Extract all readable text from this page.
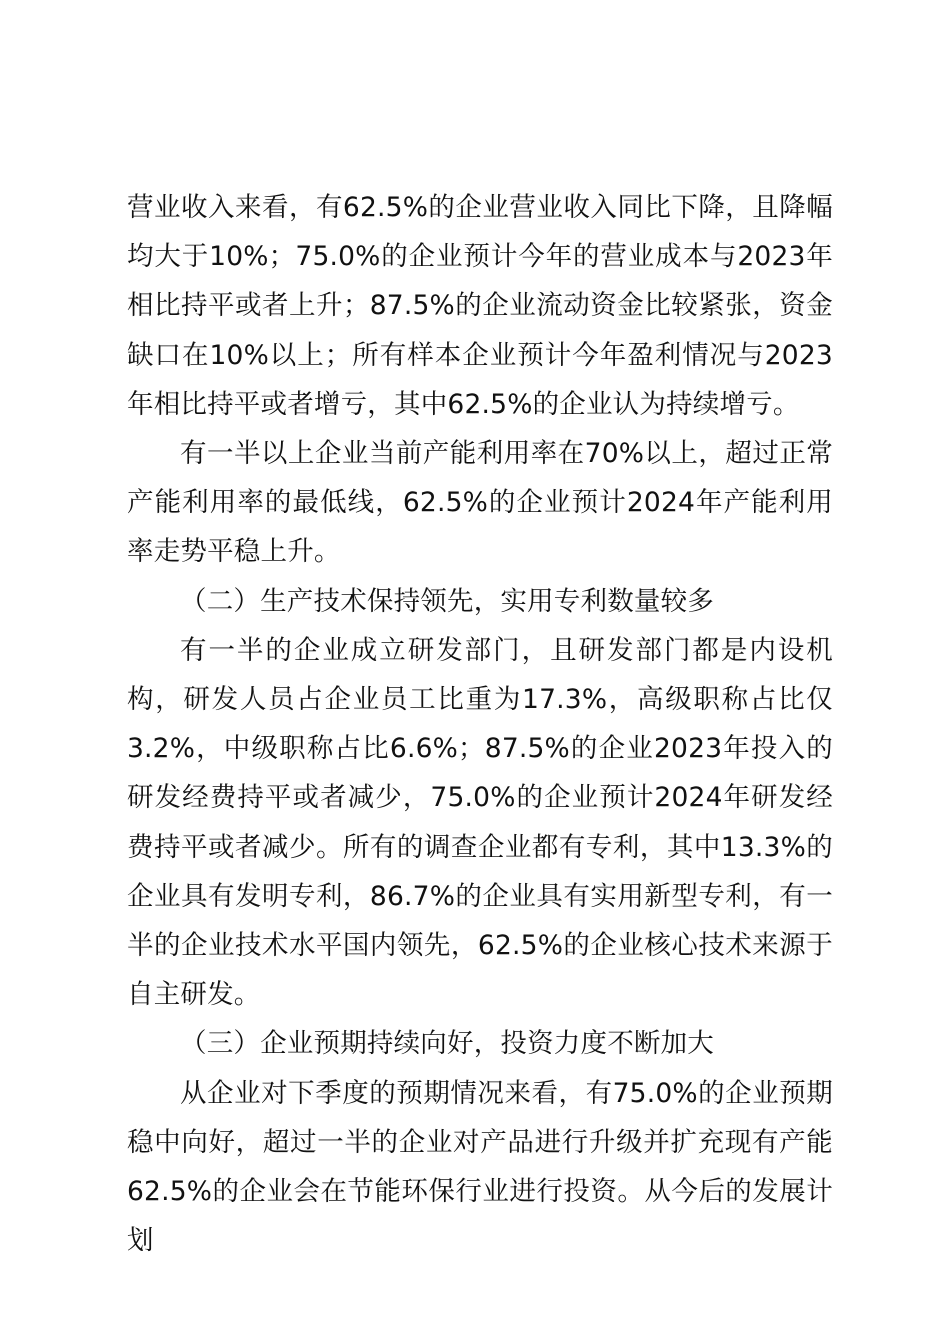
营业收入来看，有62.5%的企业营业收入同比下降，且降幅均大于10%；75.0%的企业预计今年的营业成本与2023年相比持平或者上升；87.5%的企业流动资金比较紧张，资金缺口在10%以上；所有样本企业预计今年盈利情况与2023年相比持平或者增亏，其中62.5%的企业认为持续增亏。

有一半以上企业当前产能利用率在70%以上，超过正常产能利用率的最低线，62.5%的企业预计2024年产能利用率走势平稳上升。

（二）生产技术保持领先，实用专利数量较多

有一半的企业成立研发部门，且研发部门都是内设机构，研发人员占企业员工比重为17.3%，高级职称占比仅3.2%，中级职称占比6.6%；87.5%的企业2023年投入的研发经费持平或者减少，75.0%的企业预计2024年研发经费持平或者减少。所有的调查企业都有专利，其中13.3%的企业具有发明专利，86.7%的企业具有实用新型专利，有一半的企业技术水平国内领先，62.5%的企业核心技术来源于自主研发。

（三）企业预期持续向好，投资力度不断加大

从企业对下季度的预期情况来看，有75.0%的企业预期稳中向好，超过一半的企业对产品进行升级并扩充现有产能62.5%的企业会在节能环保行业进行投资。从今后的发展计划
